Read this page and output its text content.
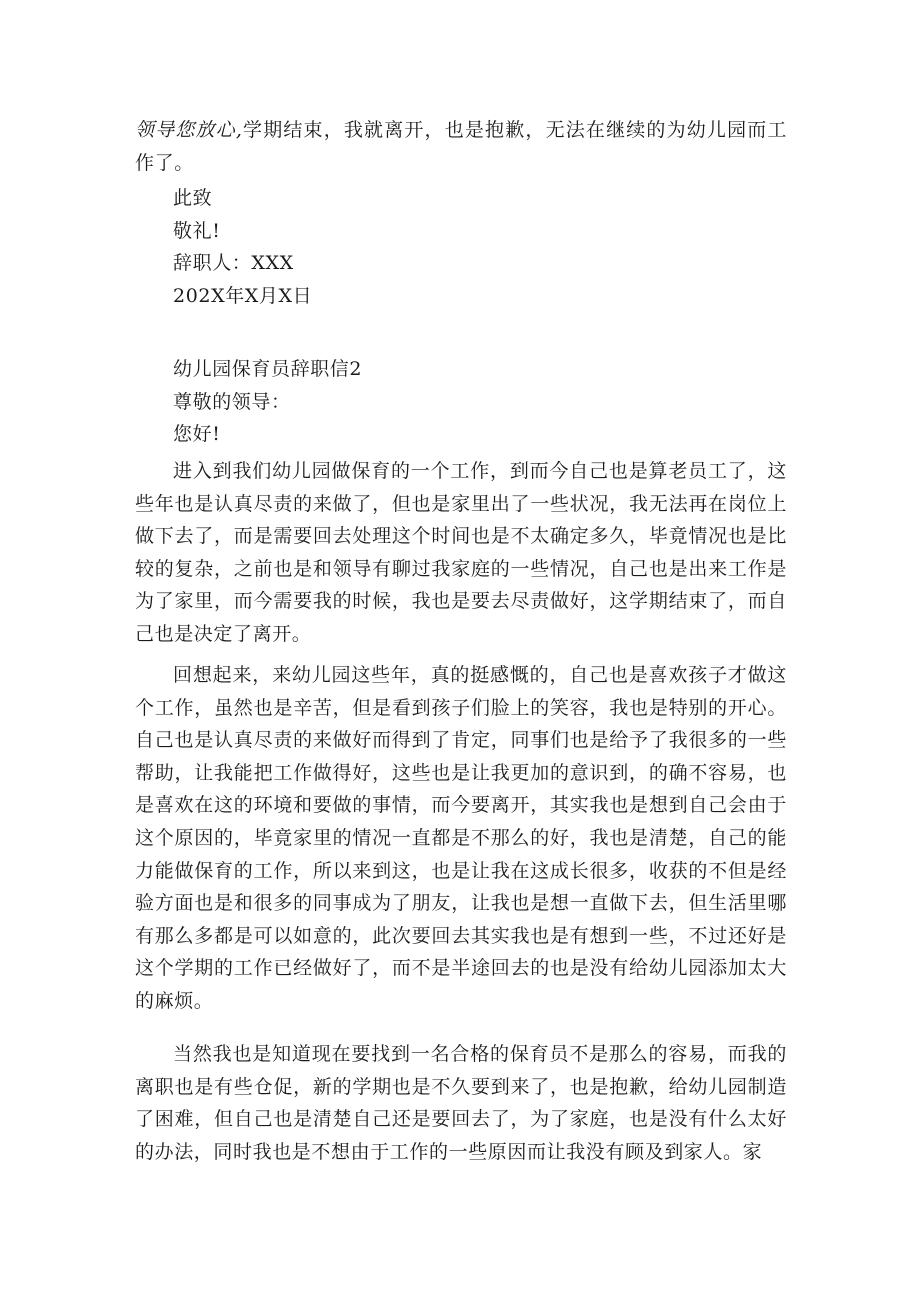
领导您放心,学期结束，我就离开，也是抱歉，无法在继续的为幼儿园而工作了。

此致

敬礼!

辞职人：XXX

202X年X月X日

幼儿园保育员辞职信2

尊敬的领导：

您好!

进入到我们幼儿园做保育的一个工作，到而今自己也是算老员工了，这些年也是认真尽责的来做了，但也是家里出了一些状况，我无法再在岗位上做下去了，而是需要回去处理这个时间也是不太确定多久，毕竟情况也是比较的复杂，之前也是和领导有聊过我家庭的一些情况，自己也是出来工作是为了家里，而今需要我的时候，我也是要去尽责做好，这学期结束了，而自己也是决定了离开。

回想起来，来幼儿园这些年，真的挺感慨的，自己也是喜欢孩子才做这个工作，虽然也是辛苦，但是看到孩子们脸上的笑容，我也是特别的开心。自己也是认真尽责的来做好而得到了肯定，同事们也是给予了我很多的一些帮助，让我能把工作做得好，这些也是让我更加的意识到，的确不容易，也是喜欢在这的环境和要做的事情，而今要离开，其实我也是想到自己会由于这个原因的，毕竟家里的情况一直都是不那么的好，我也是清楚，自己的能力能做保育的工作，所以来到这，也是让我在这成长很多，收获的不但是经验方面也是和很多的同事成为了朋友，让我也是想一直做下去，但生活里哪有那么多都是可以如意的，此次要回去其实我也是有想到一些，不过还好是这个学期的工作已经做好了，而不是半途回去的也是没有给幼儿园添加太大的麻烦。

当然我也是知道现在要找到一名合格的保育员不是那么的容易，而我的离职也是有些仓促，新的学期也是不久要到来了，也是抱歉，给幼儿园制造了困难，但自己也是清楚自己还是要回去了，为了家庭，也是没有什么太好的办法，同时我也是不想由于工作的一些原因而让我没有顾及到家人。家
